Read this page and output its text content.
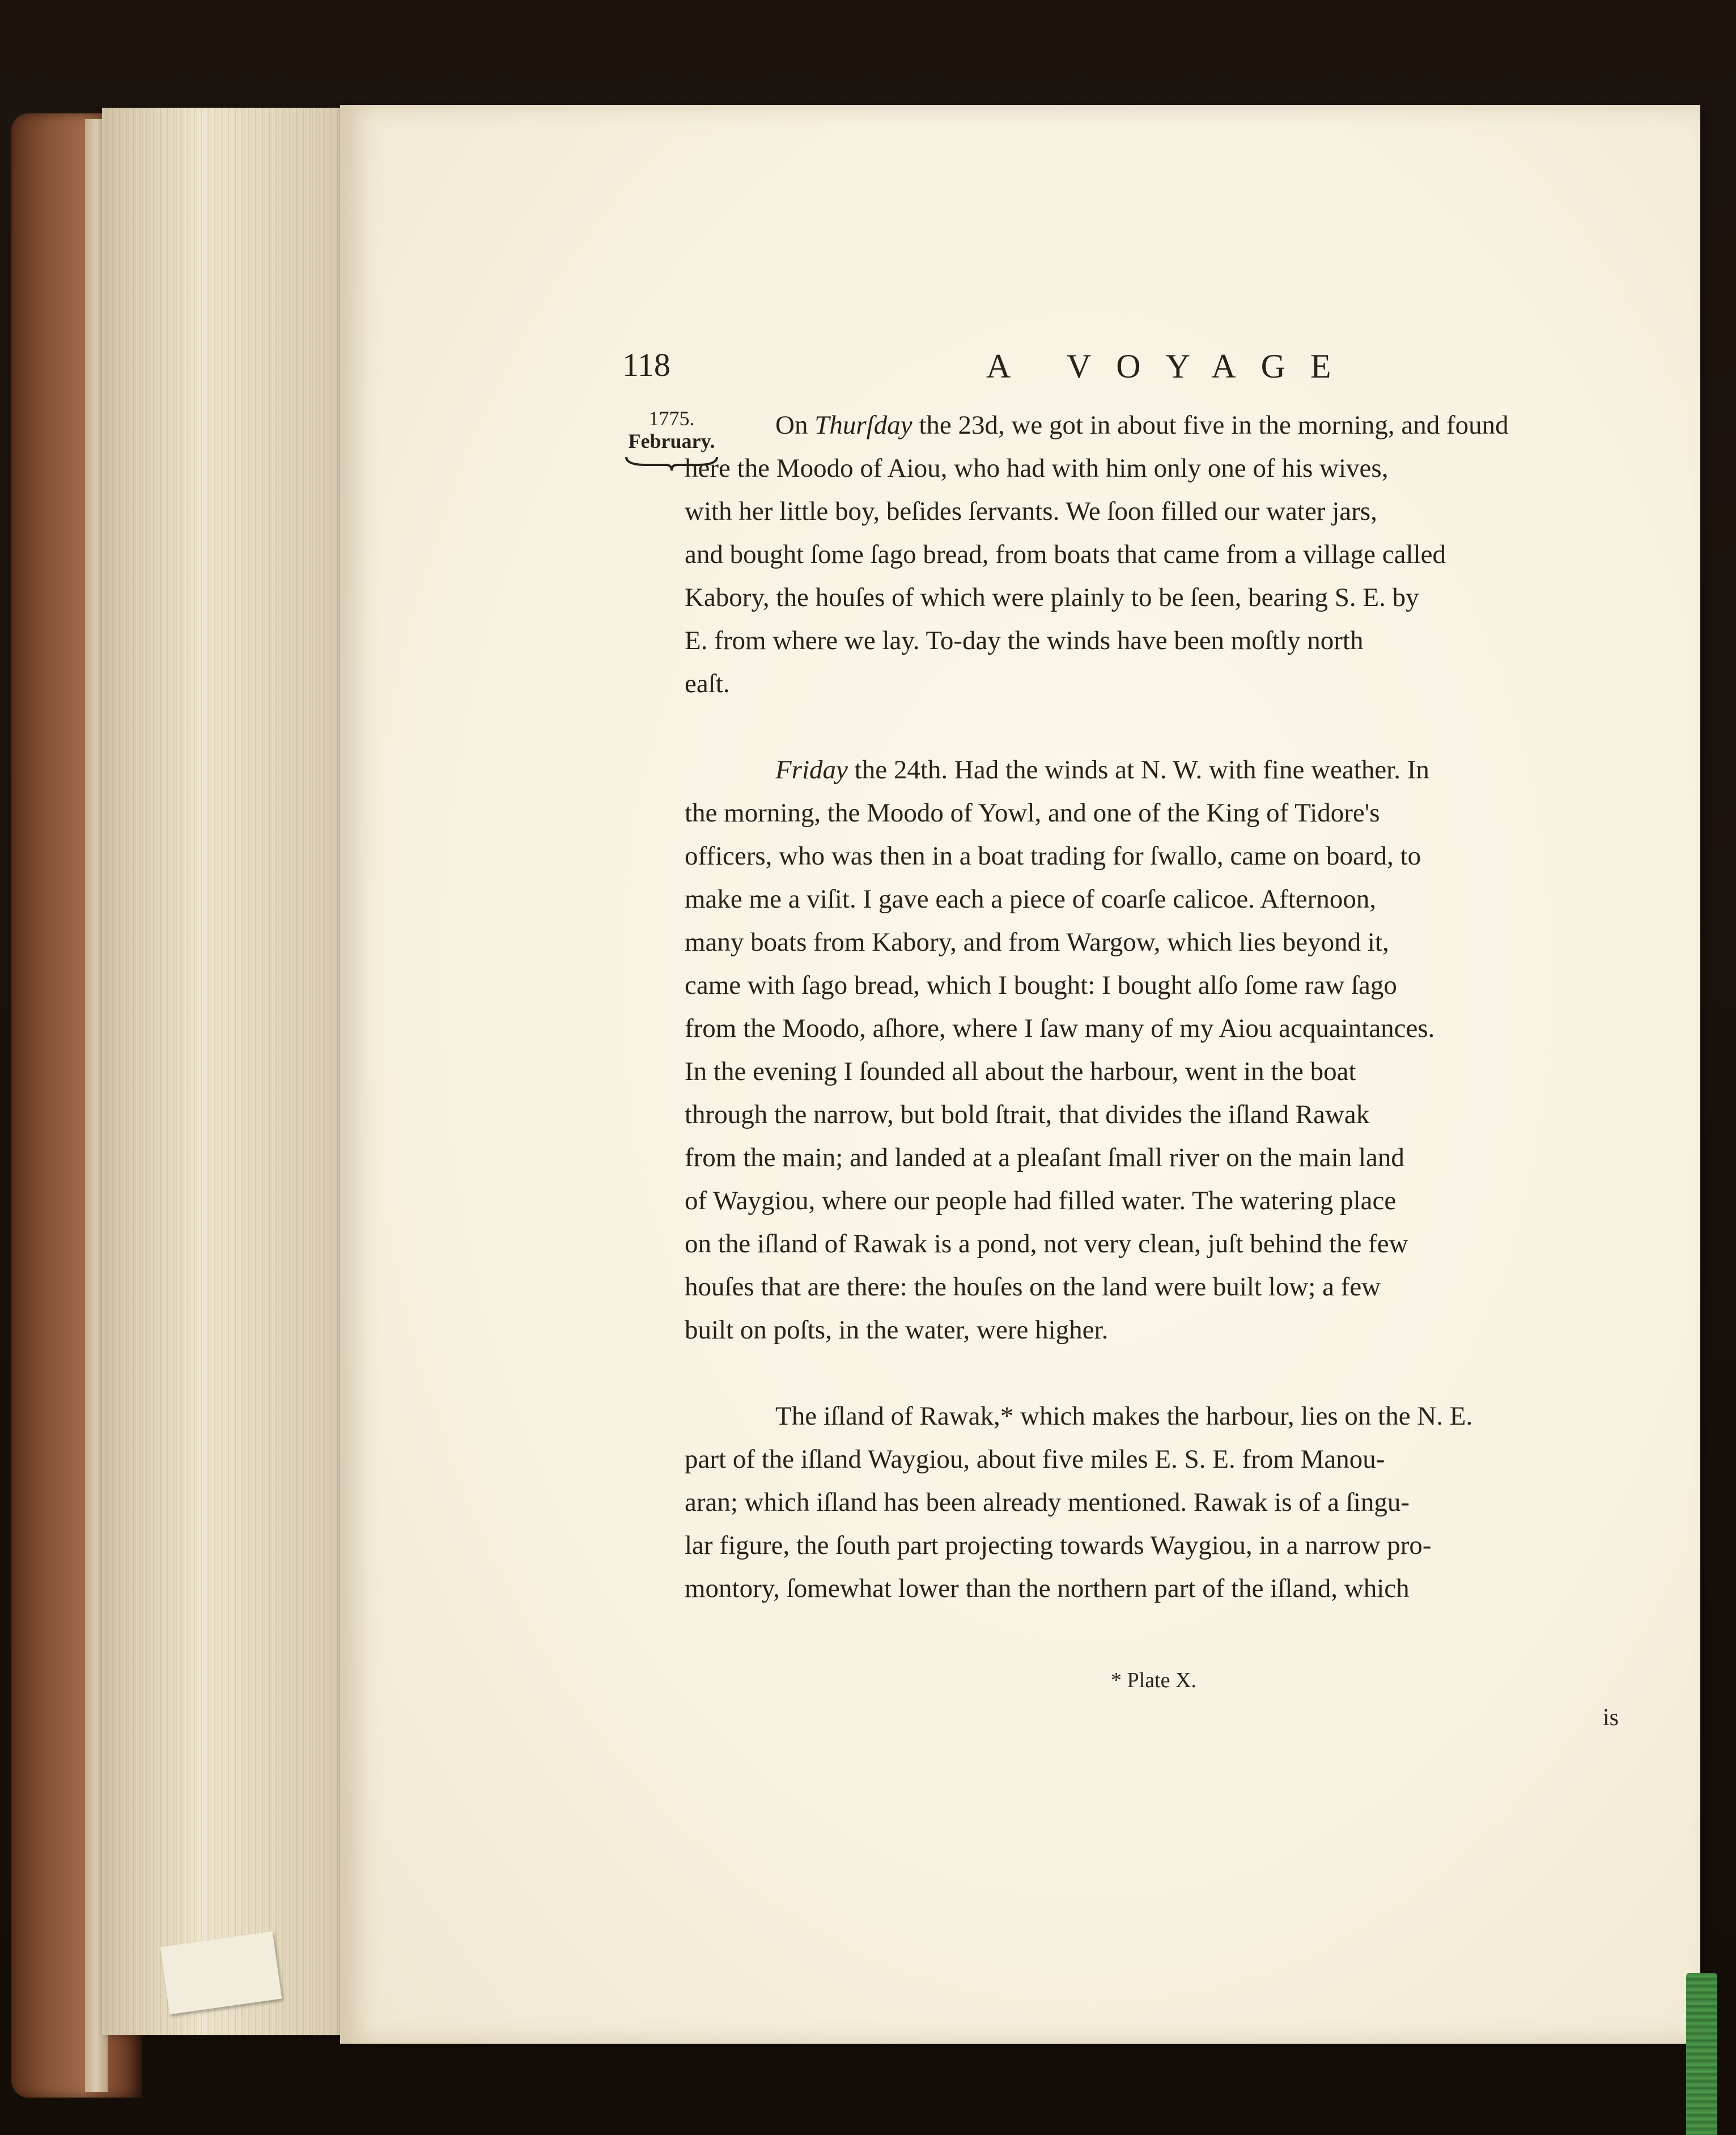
118	A VOYAGE
1775.
February.
On Thurſday the 23d, we got in about five in the morning, and found
here the Moodo of Aiou, who had with him only one of his wives,
with her little boy, beſides ſervants. We ſoon filled our water jars,
and bought ſome ſago bread, from boats that came from a village called
Kabory, the houſes of which were plainly to be ſeen, bearing S. E. by
E. from where we lay. To-day the winds have been moſtly north
eaſt.
Friday the 24th. Had the winds at N. W. with fine weather. In
the morning, the Moodo of Yowl, and one of the King of Tidore's
officers, who was then in a boat trading for ſwallo, came on board, to
make me a viſit. I gave each a piece of coarſe calicoe. Afternoon,
many boats from Kabory, and from Wargow, which lies beyond it,
came with ſago bread, which I bought: I bought alſo ſome raw ſago
from the Moodo, aſhore, where I ſaw many of my Aiou acquaintances.
In the evening I ſounded all about the harbour, went in the boat
through the narrow, but bold ſtrait, that divides the iſland Rawak
from the main; and landed at a pleaſant ſmall river on the main land
of Waygiou, where our people had filled water. The watering place
on the iſland of Rawak is a pond, not very clean, juſt behind the few
houſes that are there: the houſes on the land were built low; a few
built on poſts, in the water, were higher.
The iſland of Rawak,* which makes the harbour, lies on the N. E.
part of the iſland Waygiou, about five miles E. S. E. from Manou-
aran; which iſland has been already mentioned. Rawak is of a ſingu-
lar figure, the ſouth part projecting towards Waygiou, in a narrow pro-
montory, ſomewhat lower than the northern part of the iſland, which
* Plate X.
is
